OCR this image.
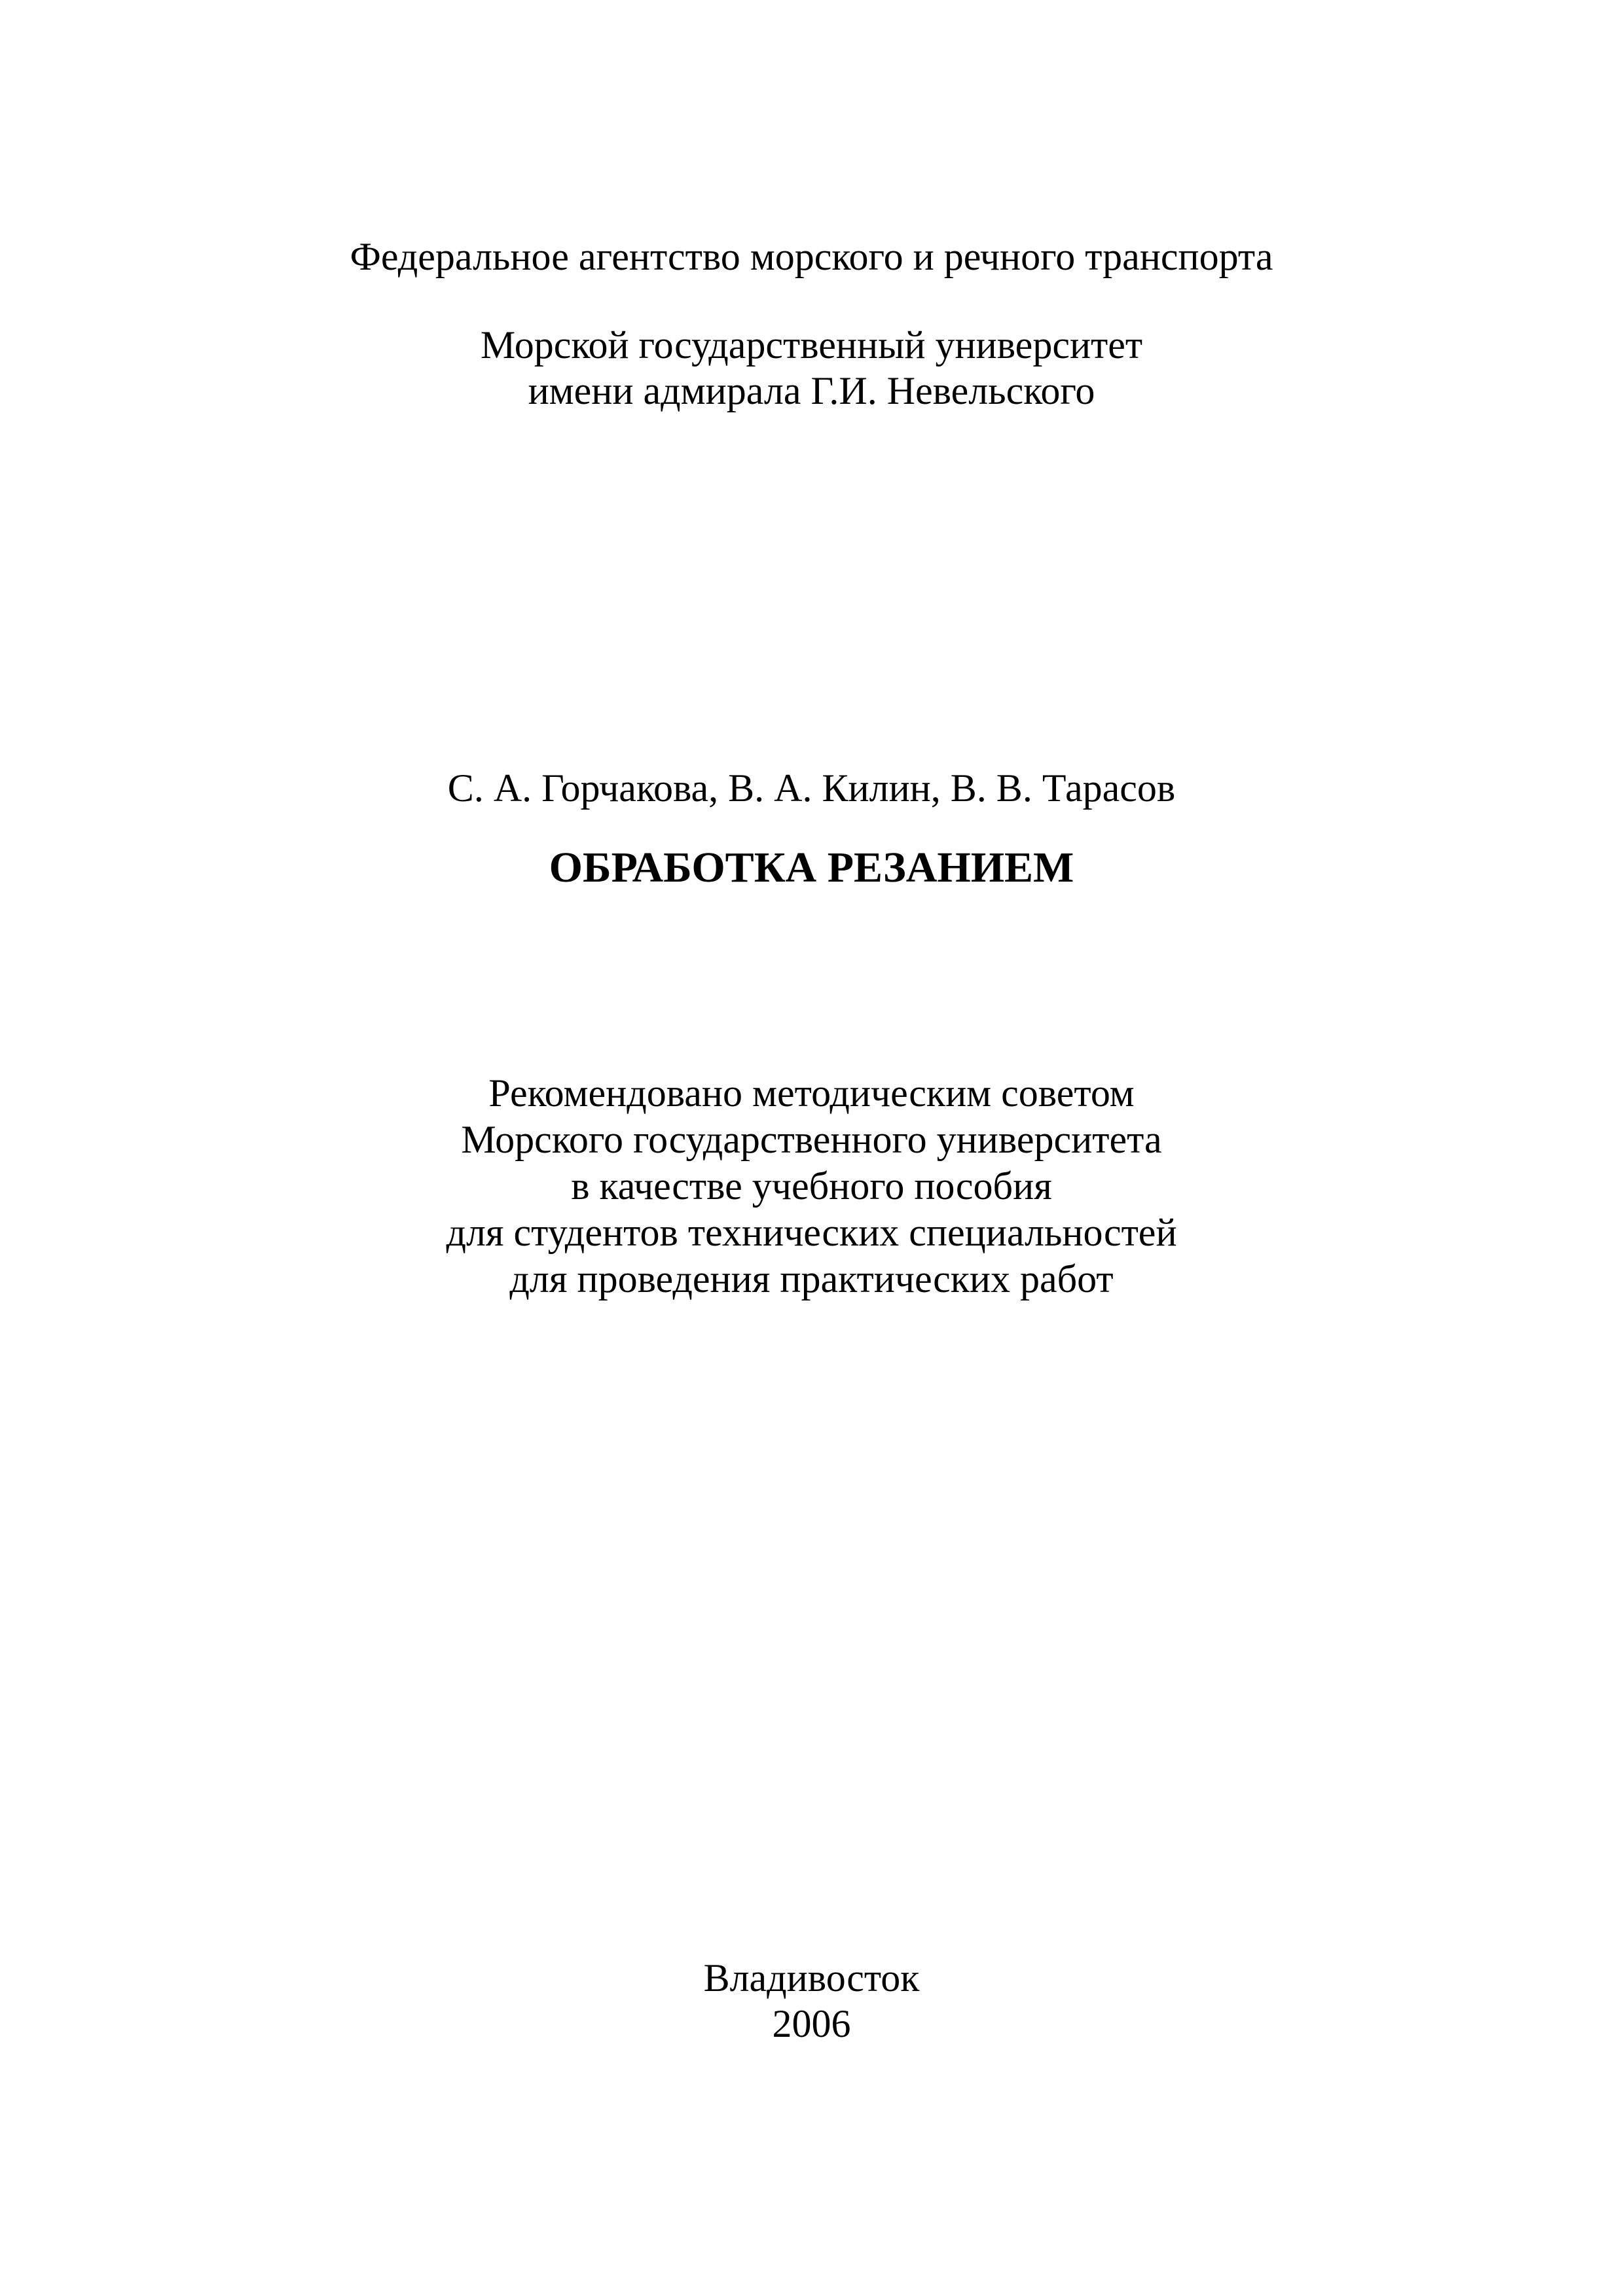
Федеральное агентство морского и речного транспорта
Морской государственный университет
имени адмирала Г.И. Невельского
С. А. Горчакова, В. А. Килин, В. В. Тарасов
ОБРАБОТКА РЕЗАНИЕМ
Рекомендовано методическим советом
Морского государственного университета
в качестве учебного пособия
для студентов технических специальностей
для проведения практических работ
Владивосток
2006
